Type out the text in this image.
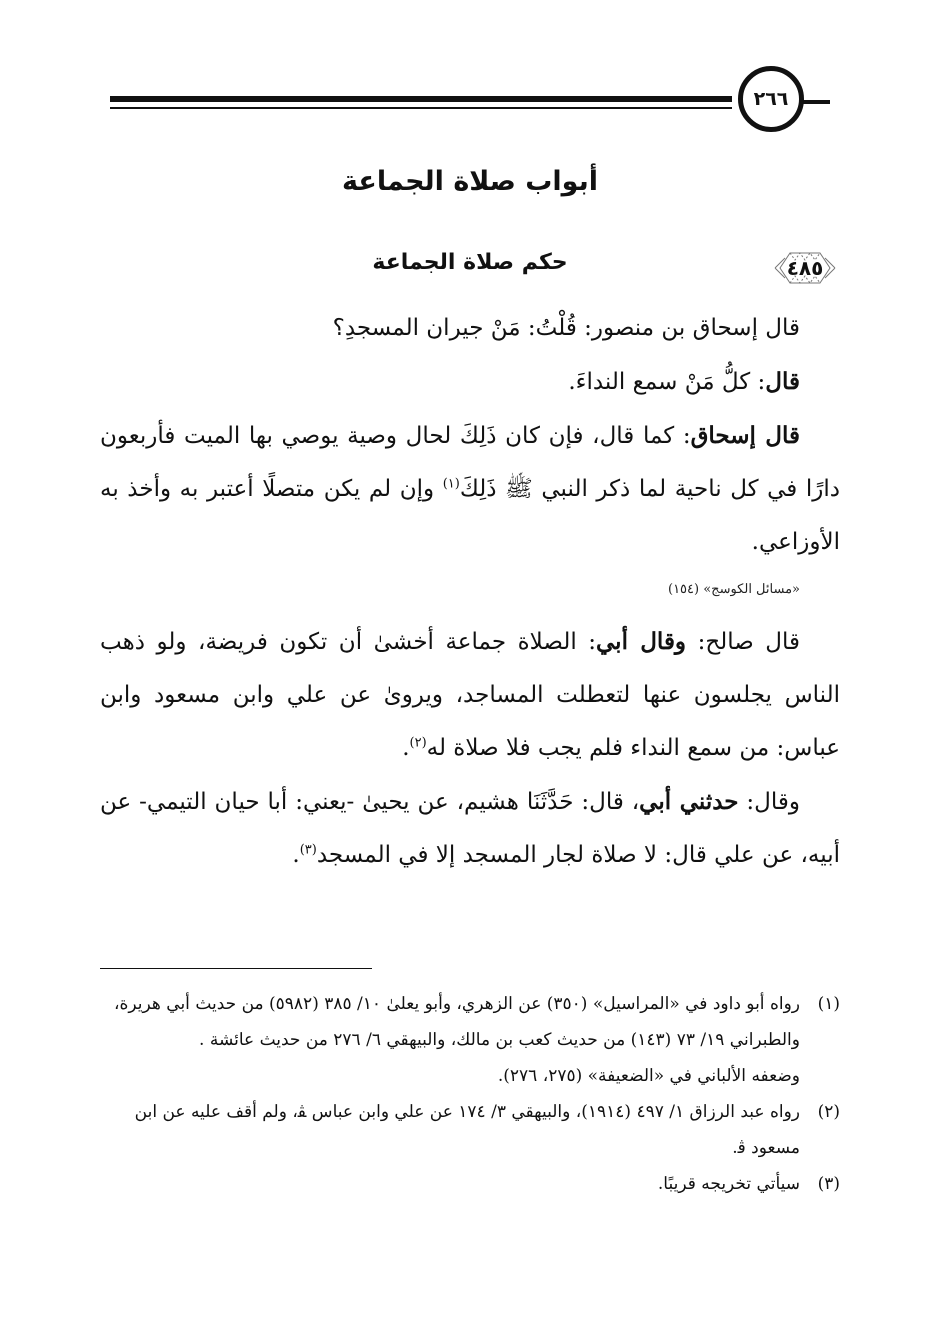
٢٦٦
أبواب صلاة الجماعة
٤٨٥
حكم صلاة الجماعة

قال إسحاق بن منصور: قُلْتُ: مَنْ جيران المسجدِ؟

قال: كلُّ مَنْ سمع النداءَ.

قال إسحاق: كما قال، فإن كان ذَلِكَ لحال وصية يوصي بها الميت فأربعون دارًا في كل ناحية لما ذكر النبي ﷺ ذَلِكَ$^{(١)}$ وإن لم يكن متصلًا أعتبر به وأخذ به الأوزاعي.

«مسائل الكوسج» (١٥٤)

قال صالح: وقال أبي: الصلاة جماعة أخشىٰ أن تكون فريضة، ولو ذهب الناس يجلسون عنها لتعطلت المساجد، ويروىٰ عن علي وابن مسعود وابن عباس: من سمع النداء فلم يجب فلا صلاة له$^{(٢)}$.

وقال: حدثني أبي، قال: حَدَّثَنَا هشيم، عن يحيىٰ -يعني: أبا حيان التيمي- عن أبيه، عن علي قال: لا صلاة لجار المسجد إلا في المسجد$^{(٣)}$.

(١)
رواه أبو داود في «المراسيل» (٣٥٠) عن الزهري، وأبو يعلىٰ ١٠/ ٣٨٥ (٥٩٨٢) من حديث أبي هريرة، والطبراني ١٩/ ٧٣ (١٤٣) من حديث كعب بن مالك، والبيهقي ٦/ ٢٧٦ من حديث عائشة .
وضعفه الألباني في «الضعيفة» (٢٧٥، ٢٧٦).
(٢)
رواه عبد الرزاق ١/ ٤٩٧ (١٩١٤)، والبيهقي ٣/ ١٧٤ عن علي وابن عباس ﭭ، ولم أقف عليه عن ابن مسعود ﭬ.
(٣)
سيأتي تخريجه قريبًا.
